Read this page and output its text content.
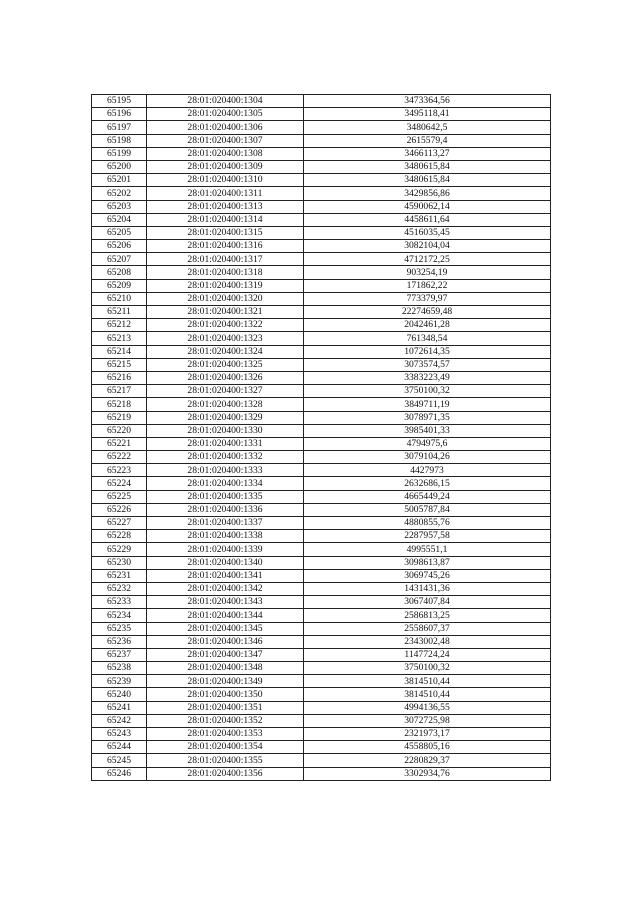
65195	28:01:020400:1304	3473364,56
65196	28:01:020400:1305	3495118,41
65197	28:01:020400:1306	3480642,5
65198	28:01:020400:1307	2615579,4
65199	28:01:020400:1308	3466113,27
65200	28:01:020400:1309	3480615,84
65201	28:01:020400:1310	3480615,84
65202	28:01:020400:1311	3429856,86
65203	28:01:020400:1313	4590062,14
65204	28:01:020400:1314	4458611,64
65205	28:01:020400:1315	4516035,45
65206	28:01:020400:1316	3082104,04
65207	28:01:020400:1317	4712172,25
65208	28:01:020400:1318	903254,19
65209	28:01:020400:1319	171862,22
65210	28:01:020400:1320	773379,97
65211	28:01:020400:1321	22274659,48
65212	28:01:020400:1322	2042461,28
65213	28:01:020400:1323	761348,54
65214	28:01:020400:1324	1072614,35
65215	28:01:020400:1325	3073574,57
65216	28:01:020400:1326	3383223,49
65217	28:01:020400:1327	3750100,32
65218	28:01:020400:1328	3849711,19
65219	28:01:020400:1329	3078971,35
65220	28:01:020400:1330	3985401,33
65221	28:01:020400:1331	4794975,6
65222	28:01:020400:1332	3079104,26
65223	28:01:020400:1333	4427973
65224	28:01:020400:1334	2632686,15
65225	28:01:020400:1335	4665449,24
65226	28:01:020400:1336	5005787,84
65227	28:01:020400:1337	4880855,76
65228	28:01:020400:1338	2287957,58
65229	28:01:020400:1339	4995551,1
65230	28:01:020400:1340	3098613,87
65231	28:01:020400:1341	3069745,26
65232	28:01:020400:1342	1431431,36
65233	28:01:020400:1343	3067407,84
65234	28:01:020400:1344	2586813,25
65235	28:01:020400:1345	2558607,37
65236	28:01:020400:1346	2343002,48
65237	28:01:020400:1347	1147724,24
65238	28:01:020400:1348	3750100,32
65239	28:01:020400:1349	3814510,44
65240	28:01:020400:1350	3814510,44
65241	28:01:020400:1351	4994136,55
65242	28:01:020400:1352	3072725,98
65243	28:01:020400:1353	2321973,17
65244	28:01:020400:1354	4558805,16
65245	28:01:020400:1355	2280829,37
65246	28:01:020400:1356	3302934,76
